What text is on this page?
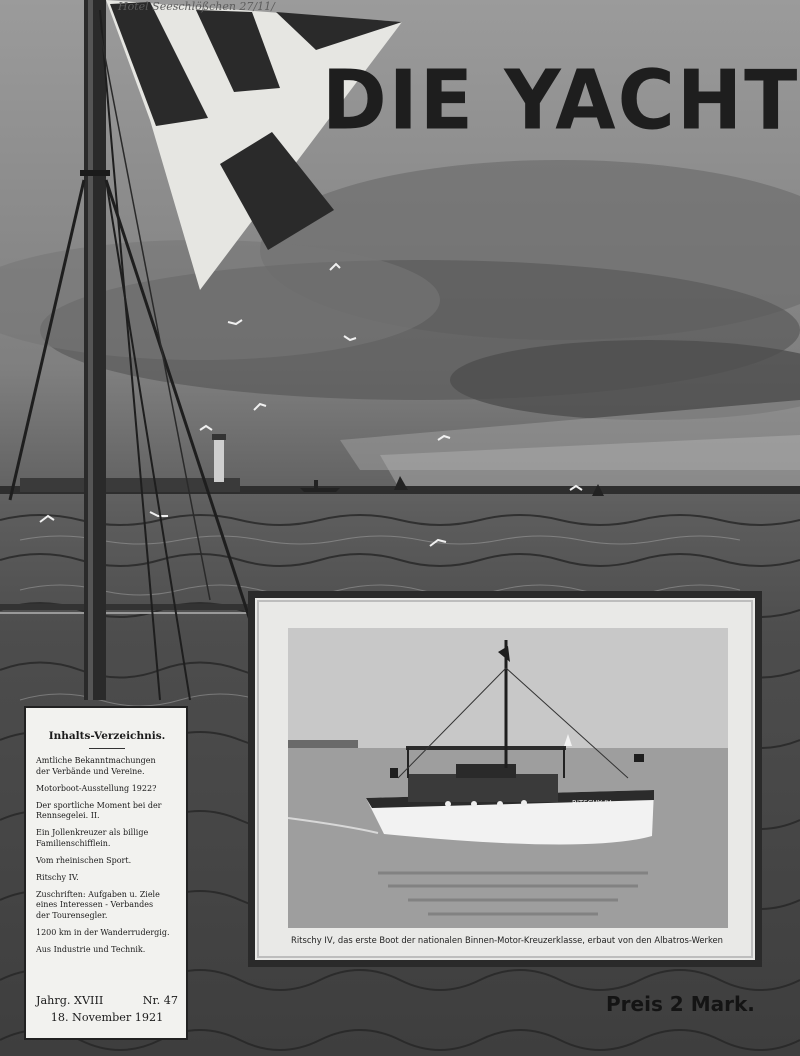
Hotel Seeschlößchen 27/11/
DIE YACHT
RITSCHY IV
Ritschy IV, das erste Boot der nationalen Binnen-Motor-Kreuzerklasse, erbaut von den Albatros-Werken
Inhalts-Verzeichnis.
Amtliche Bekanntmachungen
der Verbände und Vereine.
Motorboot-Ausstellung 1922?
Der sportliche Moment bei der
Rennsegelei. II.
Ein Jollenkreuzer als billige
Familienschifflein.
Vom rheinischen Sport.
Ritschy IV.
Zuschriften: Aufgaben u. Ziele
eines Interessen - Verbandes
der Tourensegler.
1200 km in der Wanderrudergig.
Aus Industrie und Technik.
Jahrg. XVIII	Nr. 47
18. November 1921
Preis 2 Mark.
